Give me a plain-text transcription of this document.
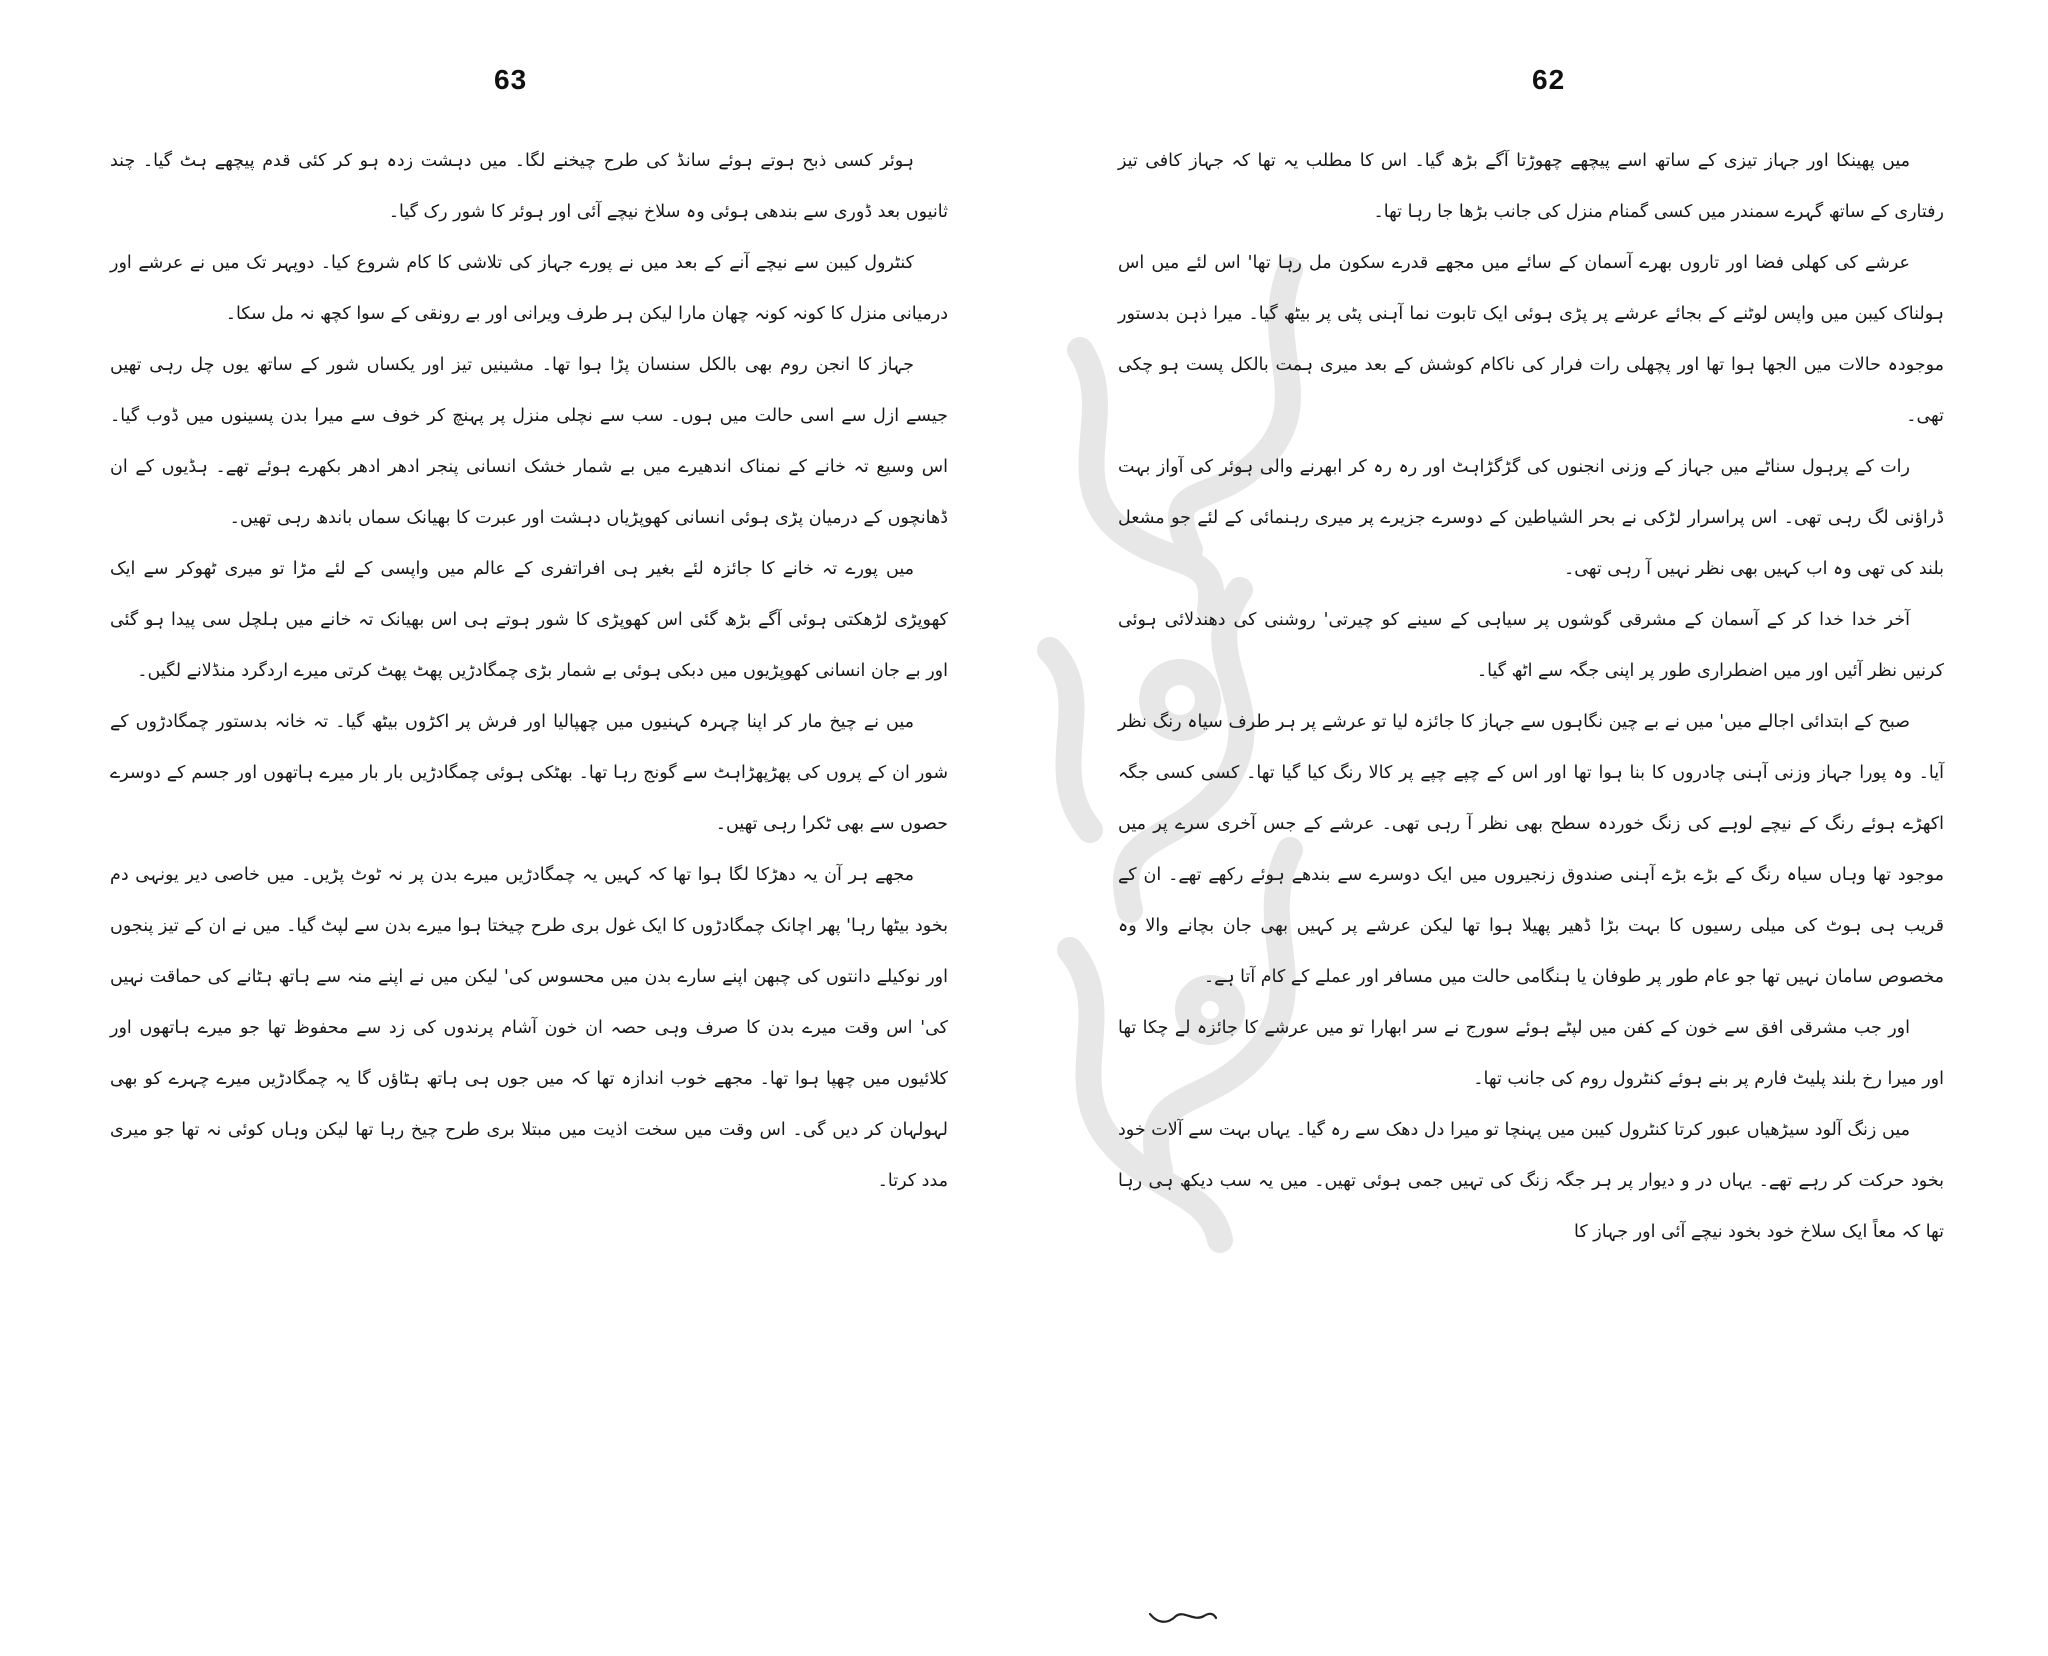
63	62

ہوئر کسی ذبح ہوتے ہوئے سانڈ کی طرح چیخنے لگا۔ میں دہشت زدہ ہو کر کئی قدم پیچھے ہٹ گیا۔ چند ثانیوں بعد ڈوری سے بندھی ہوئی وہ سلاخ نیچے آئی اور ہوئر کا شور رک گیا۔

کنٹرول کیبن سے نیچے آنے کے بعد میں نے پورے جہاز کی تلاشی کا کام شروع کیا۔ دوپہر تک میں نے عرشے اور درمیانی منزل کا کونہ کونہ چھان مارا لیکن ہر طرف ویرانی اور بے رونقی کے سوا کچھ نہ مل سکا۔

جہاز کا انجن روم بھی بالکل سنسان پڑا ہوا تھا۔ مشینیں تیز اور یکساں شور کے ساتھ یوں چل رہی تھیں جیسے ازل سے اسی حالت میں ہوں۔ سب سے نچلی منزل پر پہنچ کر خوف سے میرا بدن پسینوں میں ڈوب گیا۔ اس وسیع تہ خانے کے نمناک اندھیرے میں بے شمار خشک انسانی پنجر ادھر ادھر بکھرے ہوئے تھے۔ ہڈیوں کے ان ڈھانچوں کے درمیان پڑی ہوئی انسانی کھوپڑیاں دہشت اور عبرت کا بھیانک سماں باندھ رہی تھیں۔

میں پورے تہ خانے کا جائزہ لئے بغیر ہی افراتفری کے عالم میں واپسی کے لئے مڑا تو میری ٹھوکر سے ایک کھوپڑی لڑھکتی ہوئی آگے بڑھ گئی اس کھوپڑی کا شور ہوتے ہی اس بھیانک تہ خانے میں ہلچل سی پیدا ہو گئی اور بے جان انسانی کھوپڑیوں میں دبکی ہوئی بے شمار بڑی چمگادڑیں پھٹ پھٹ کرتی میرے اردگرد منڈلانے لگیں۔

میں نے چیخ مار کر اپنا چہرہ کہنیوں میں چھپالیا اور فرش پر اکڑوں بیٹھ گیا۔ تہ خانہ بدستور چمگادڑوں کے شور ان کے پروں کی پھڑپھڑاہٹ سے گونج رہا تھا۔ بھٹکی ہوئی چمگادڑیں بار بار میرے ہاتھوں اور جسم کے دوسرے حصوں سے بھی ٹکرا رہی تھیں۔

مجھے ہر آن یہ دھڑکا لگا ہوا تھا کہ کہیں یہ چمگادڑیں میرے بدن پر نہ ٹوٹ پڑیں۔ میں خاصی دیر یونہی دم بخود بیٹھا رہا' پھر اچانک چمگادڑوں کا ایک غول بری طرح چیختا ہوا میرے بدن سے لپٹ گیا۔ میں نے ان کے تیز پنجوں اور نوکیلے دانتوں کی چبھن اپنے سارے بدن میں محسوس کی' لیکن میں نے اپنے منہ سے ہاتھ ہٹانے کی حماقت نہیں کی' اس وقت میرے بدن کا صرف وہی حصہ ان خون آشام پرندوں کی زد سے محفوظ تھا جو میرے ہاتھوں اور کلائیوں میں چھپا ہوا تھا۔ مجھے خوب اندازہ تھا کہ میں جوں ہی ہاتھ ہٹاؤں گا یہ چمگادڑیں میرے چہرے کو بھی لہولہان کر دیں گی۔ اس وقت میں سخت اذیت میں مبتلا بری طرح چیخ رہا تھا لیکن وہاں کوئی نہ تھا جو میری مدد کرتا۔

میں پھینکا اور جہاز تیزی کے ساتھ اسے پیچھے چھوڑتا آگے بڑھ گیا۔ اس کا مطلب یہ تھا کہ جہاز کافی تیز رفتاری کے ساتھ گہرے سمندر میں کسی گمنام منزل کی جانب بڑھا جا رہا تھا۔

عرشے کی کھلی فضا اور تاروں بھرے آسمان کے سائے میں مجھے قدرے سکون مل رہا تھا' اس لئے میں اس ہولناک کیبن میں واپس لوٹنے کے بجائے عرشے پر پڑی ہوئی ایک تابوت نما آہنی پٹی پر بیٹھ گیا۔ میرا ذہن بدستور موجودہ حالات میں الجھا ہوا تھا اور پچھلی رات فرار کی ناکام کوشش کے بعد میری ہمت بالکل پست ہو چکی تھی۔

رات کے پرہول سناٹے میں جہاز کے وزنی انجنوں کی گڑگڑاہٹ اور رہ رہ کر ابھرنے والی ہوئر کی آواز بہت ڈراؤنی لگ رہی تھی۔ اس پراسرار لڑکی نے بحر الشیاطین کے دوسرے جزیرے پر میری رہنمائی کے لئے جو مشعل بلند کی تھی وہ اب کہیں بھی نظر نہیں آ رہی تھی۔

آخر خدا خدا کر کے آسمان کے مشرقی گوشوں پر سیاہی کے سینے کو چیرتی' روشنی کی دھندلائی ہوئی کرنیں نظر آئیں اور میں اضطراری طور پر اپنی جگہ سے اٹھ گیا۔

صبح کے ابتدائی اجالے میں' میں نے بے چین نگاہوں سے جہاز کا جائزہ لیا تو عرشے پر ہر طرف سیاہ رنگ نظر آیا۔ وہ پورا جہاز وزنی آہنی چادروں کا بنا ہوا تھا اور اس کے چپے چپے پر کالا رنگ کیا گیا تھا۔ کسی کسی جگہ اکھڑے ہوئے رنگ کے نیچے لوہے کی زنگ خوردہ سطح بھی نظر آ رہی تھی۔ عرشے کے جس آخری سرے پر میں موجود تھا وہاں سیاہ رنگ کے بڑے بڑے آہنی صندوق زنجیروں میں ایک دوسرے سے بندھے ہوئے رکھے تھے۔ ان کے قریب ہی ہوٹ کی میلی رسیوں کا بہت بڑا ڈھیر پھیلا ہوا تھا لیکن عرشے پر کہیں بھی جان بچانے والا وہ مخصوص سامان نہیں تھا جو عام طور پر طوفان یا ہنگامی حالت میں مسافر اور عملے کے کام آتا ہے۔

اور جب مشرقی افق سے خون کے کفن میں لپٹے ہوئے سورج نے سر ابھارا تو میں عرشے کا جائزہ لے چکا تھا اور میرا رخ بلند پلیٹ فارم پر بنے ہوئے کنٹرول روم کی جانب تھا۔

میں زنگ آلود سیڑھیاں عبور کرتا کنٹرول کیبن میں پہنچا تو میرا دل دھک سے رہ گیا۔ یہاں بہت سے آلات خود بخود حرکت کر رہے تھے۔ یہاں در و دیوار پر ہر جگہ زنگ کی تہیں جمی ہوئی تھیں۔ میں یہ سب دیکھ ہی رہا تھا کہ معاً ایک سلاخ خود بخود نیچے آئی اور جہاز کا
